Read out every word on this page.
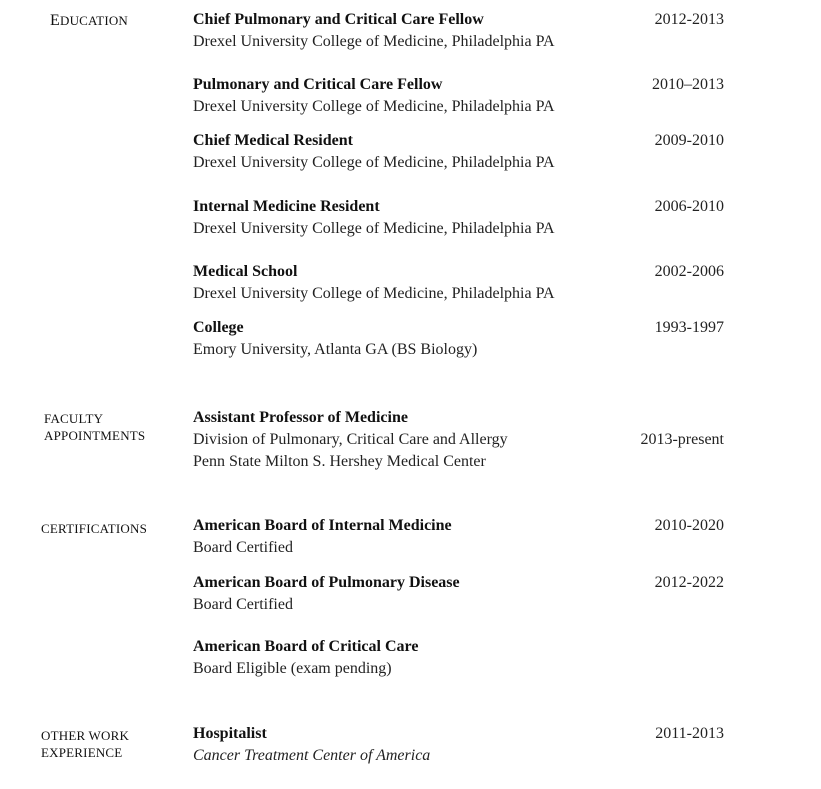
EDUCATION	Chief Pulmonary and Critical Care Fellow
Drexel University College of Medicine, Philadelphia PA
2012-2013
Pulmonary and Critical Care Fellow
Drexel University College of Medicine, Philadelphia PA
2010–2013
Chief Medical Resident
Drexel University College of Medicine, Philadelphia PA
2009-2010
Internal Medicine Resident
Drexel University College of Medicine, Philadelphia PA
2006-2010
Medical School
Drexel University College of Medicine, Philadelphia PA
2002-2006
College
Emory University, Atlanta GA (BS Biology)
1993-1997
FACULTY
APPOINTMENTS
Assistant Professor of Medicine
Division of Pulmonary, Critical Care and Allergy
Penn State Milton S. Hershey Medical Center
2013-present
CERTIFICATIONS	American Board of Internal Medicine
Board Certified
2010-2020
American Board of Pulmonary Disease
Board Certified
2012-2022
American Board of Critical Care
Board Eligible (exam pending)
OTHER WORK
EXPERIENCE
Hospitalist
Cancer Treatment Center of America
2011-2013
